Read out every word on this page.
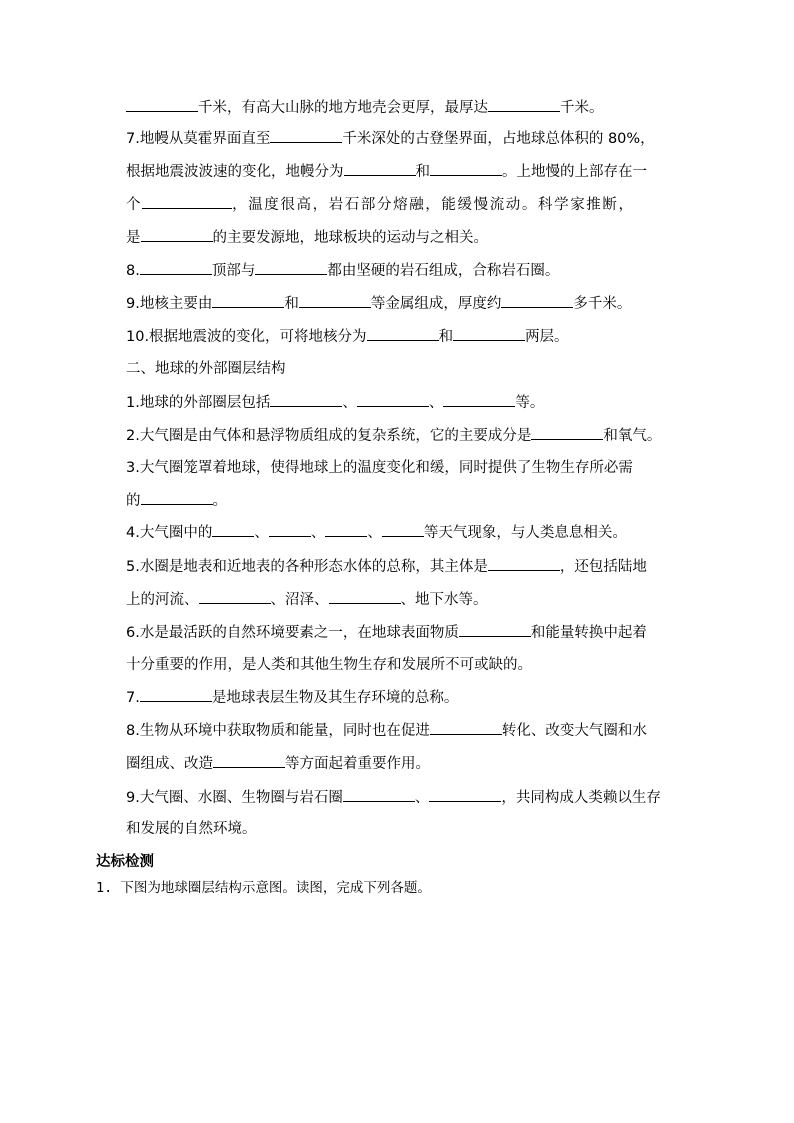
千米，有高大山脉的地方地壳会更厚，最厚达	千米。
7.地幔从莫霍界面直至	千米深处的古登堡界面，占地球总体积的 80%，
根据地震波波速的变化，地幔分为	和	。上地慢的上部存在一
个	，温度很高，岩石部分熔融，能缓慢流动。科学家推断，
是	的主要发源地，地球板块的运动与之相关。
8.	顶部与	都由坚硬的岩石组成，合称岩石圈。
9.地核主要由	和	等金属组成，厚度约	多千米。
10.根据地震波的变化，可将地核分为	和	两层。
二、地球的外部圈层结构
1.地球的外部圈层包括	、	、	等。
2.大气圈是由气体和悬浮物质组成的复杂系统，它的主要成分是	和氧气。
3.大气圈笼罩着地球，使得地球上的温度变化和缓，同时提供了生物生存所必需
的	。
4.大气圈中的	、	、	、	等天气现象，与人类息息相关。
5.水圈是地表和近地表的各种形态水体的总称，其主体是	，还包括陆地
上的河流、	、沼泽、	、地下水等。
6.水是最活跃的自然环境要素之一，在地球表面物质	和能量转换中起着
十分重要的作用，是人类和其他生物生存和发展所不可或缺的。
7.	是地球表层生物及其生存环境的总称。
8.生物从环境中获取物质和能量，同时也在促进	转化、改变大气圈和水
圈组成、改造	等方面起着重要作用。
9.大气圈、水圈、生物圈与岩石圈	、	，共同构成人类赖以生存
和发展的自然环境。
达标检测
1. 下图为地球圈层结构示意图。读图，完成下列各题。
